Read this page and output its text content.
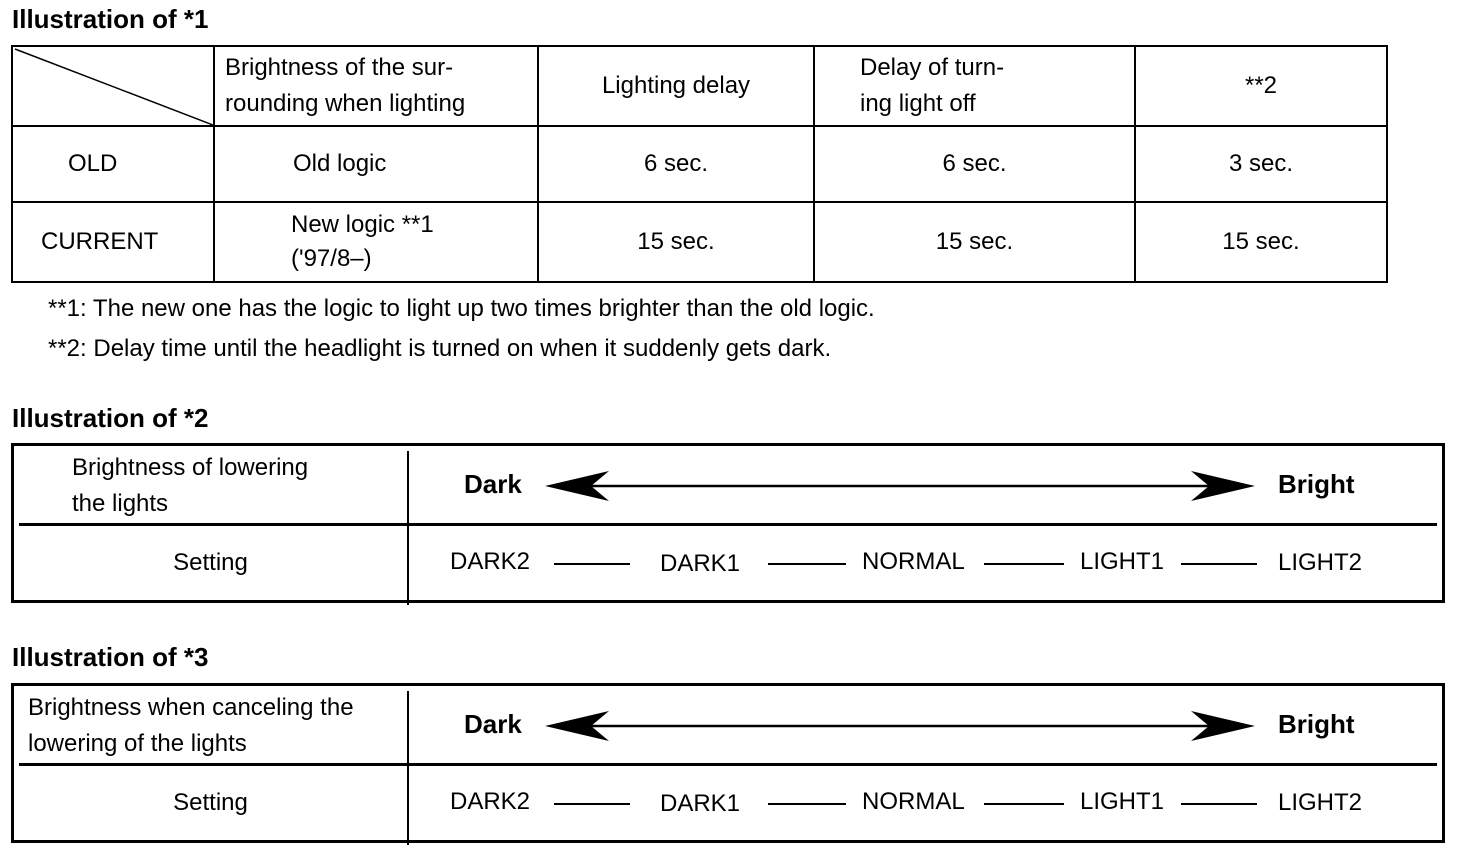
Illustration of *1
	Brightness of the sur-
rounding when lighting	Lighting delay	Delay of turn-
ing light off	**2
OLD	Old logic	6 sec.	6 sec.	3 sec.
CURRENT	New logic **1
('97/8–)	15 sec.	15 sec.	15 sec.
**1: The new one has the logic to light up two times brighter than the old logic.
**2: Delay time until the headlight is turned on when it suddenly gets dark.
Illustration of *2
Brightness of lowering
the lights
Setting
Dark	Bright
DARK2	DARK1	NORMAL	LIGHT1	LIGHT2
Illustration of *3
Brightness when canceling the
lowering of the lights
Setting
Dark	Bright
DARK2	DARK1	NORMAL	LIGHT1	LIGHT2
